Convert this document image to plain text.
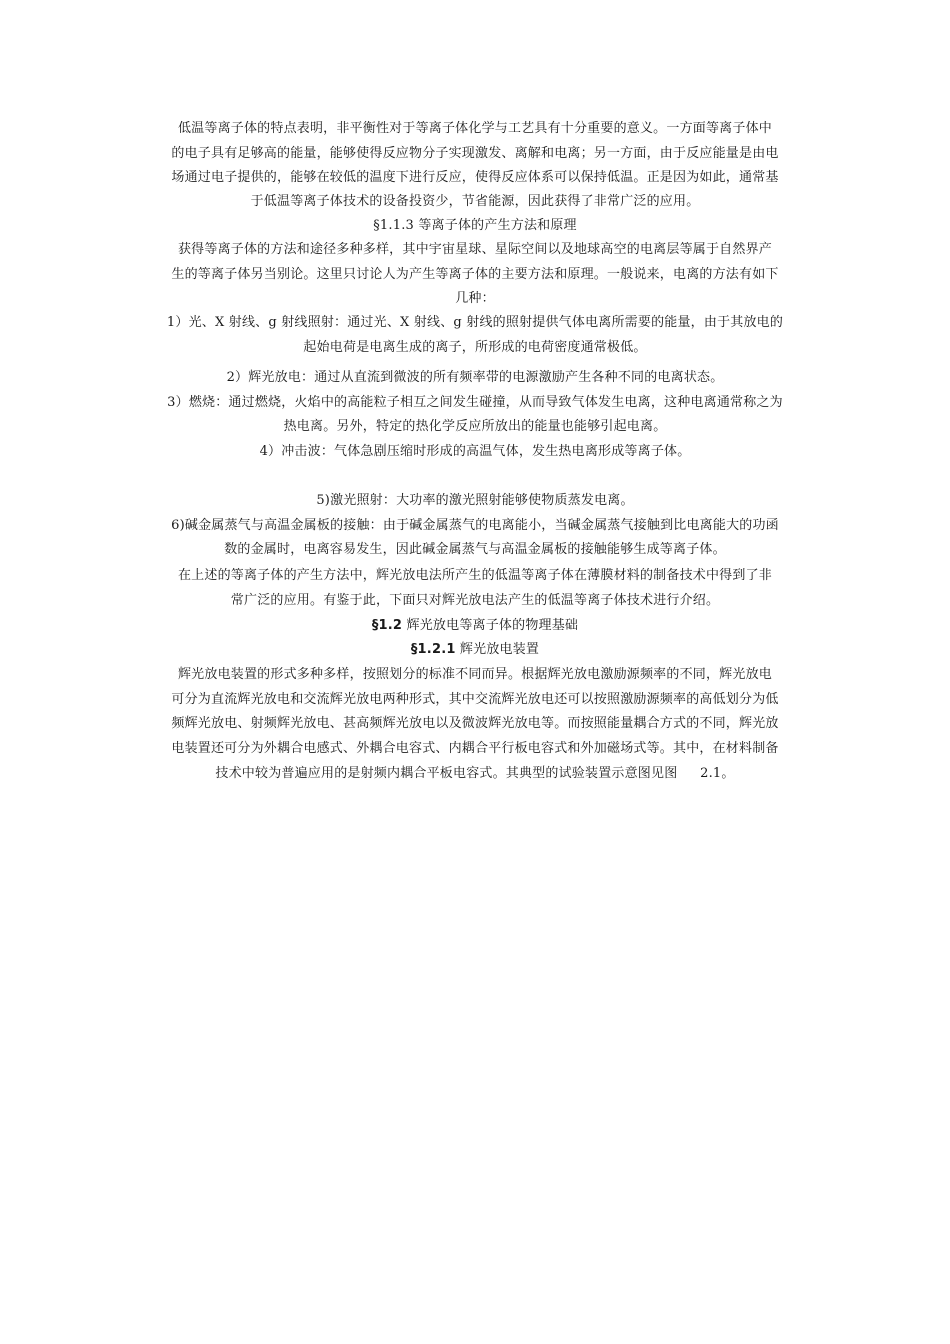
低温等离子体的特点表明，非平衡性对于等离子体化学与工艺具有十分重要的意义。一方面等离子体中
的电子具有足够高的能量，能够使得反应物分子实现激发、离解和电离；另一方面，由于反应能量是由电
场通过电子提供的，能够在较低的温度下进行反应，使得反应体系可以保持低温。正是因为如此，通常基
于低温等离子体技术的设备投资少，节省能源，因此获得了非常广泛的应用。
§1.1.3 等离子体的产生方法和原理
获得等离子体的方法和途径多种多样，其中宇宙星球、星际空间以及地球高空的电离层等属于自然界产
生的等离子体另当别论。这里只讨论人为产生等离子体的主要方法和原理。一般说来，电离的方法有如下
几种：
1）光、X 射线、g 射线照射：通过光、X 射线、g 射线的照射提供气体电离所需要的能量，由于其放电的
起始电荷是电离生成的离子，所形成的电荷密度通常极低。
2）辉光放电：通过从直流到微波的所有频率带的电源激励产生各种不同的电离状态。
3）燃烧：通过燃烧，火焰中的高能粒子相互之间发生碰撞，从而导致气体发生电离，这种电离通常称之为
热电离。另外，特定的热化学反应所放出的能量也能够引起电离。
4）冲击波：气体急剧压缩时形成的高温气体，发生热电离形成等离子体。
5)激光照射：大功率的激光照射能够使物质蒸发电离。
6)碱金属蒸气与高温金属板的接触：由于碱金属蒸气的电离能小，当碱金属蒸气接触到比电离能大的功函
数的金属时，电离容易发生，因此碱金属蒸气与高温金属板的接触能够生成等离子体。
在上述的等离子体的产生方法中，辉光放电法所产生的低温等离子体在薄膜材料的制备技术中得到了非
常广泛的应用。有鉴于此，下面只对辉光放电法产生的低温等离子体技术进行介绍。
§1.2 辉光放电等离子体的物理基础
§1.2.1 辉光放电装置
辉光放电装置的形式多种多样，按照划分的标准不同而异。根据辉光放电激励源频率的不同，辉光放电
可分为直流辉光放电和交流辉光放电两种形式，其中交流辉光放电还可以按照激励源频率的高低划分为低
频辉光放电、射频辉光放电、甚高频辉光放电以及微波辉光放电等。而按照能量耦合方式的不同，辉光放
电装置还可分为外耦合电感式、外耦合电容式、内耦合平行板电容式和外加磁场式等。其中，在材料制备
技术中较为普遍应用的是射频内耦合平板电容式。其典型的试验装置示意图见图 2.1。
